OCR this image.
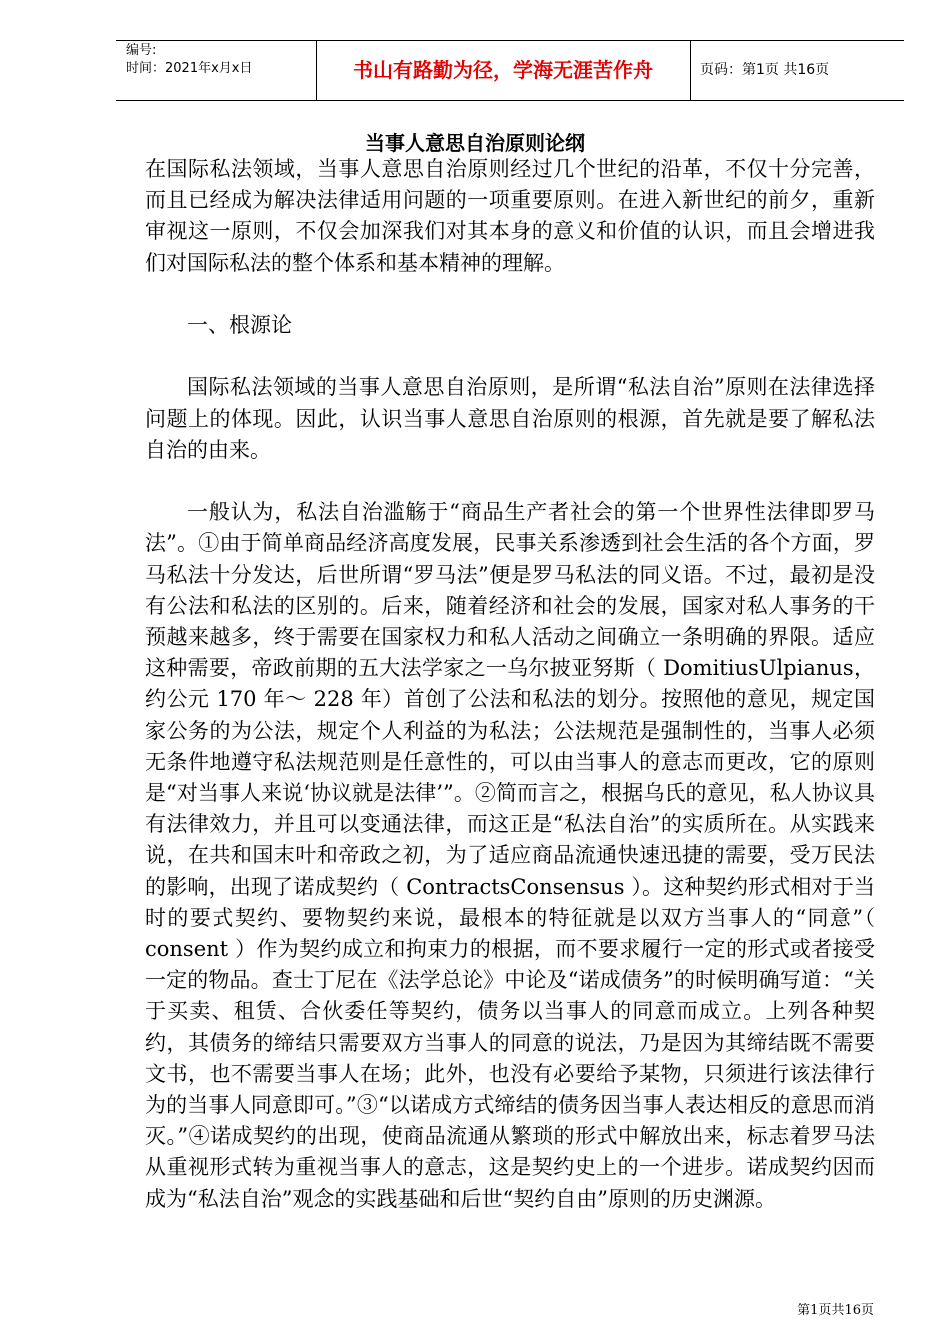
编号:
时间：2021年x月x日	书山有路勤为径，学海无涯苦作舟	页码：第1页 共16页
当事人意思自治原则论纲

在国际私法领域，当事人意思自治原则经过几个世纪的沿革，不仅十分完善，而且已经成为解决法律适用问题的一项重要原则。在进入新世纪的前夕，重新审视这一原则，不仅会加深我们对其本身的意义和价值的认识，而且会增进我们对国际私法的整个体系和基本精神的理解。

一、根源论

国际私法领域的当事人意思自治原则，是所谓“私法自治”原则在法律选择问题上的体现。因此，认识当事人意思自治原则的根源，首先就是要了解私法自治的由来。

一般认为，私法自治滥觞于“商品生产者社会的第一个世界性法律即罗马法”。①由于简单商品经济高度发展，民事关系渗透到社会生活的各个方面，罗马私法十分发达，后世所谓“罗马法”便是罗马私法的同义语。不过，最初是没有公法和私法的区别的。后来，随着经济和社会的发展，国家对私人事务的干预越来越多，终于需要在国家权力和私人活动之间确立一条明确的界限。适应这种需要，帝政前期的五大法学家之一乌尔披亚努斯（ DomitiusUlpianus， 约公元 170 年～ 228 年）首创了公法和私法的划分。按照他的意见，规定国家公务的为公法，规定个人利益的为私法；公法规范是强制性的，当事人必须无条件地遵守私法规范则是任意性的，可以由当事人的意志而更改，它的原则是“对当事人来说‘协议就是法律’”。②简而言之，根据乌氏的意见，私人协议具有法律效力，并且可以变通法律，而这正是“私法自治”的实质所在。从实践来说，在共和国末叶和帝政之初，为了适应商品流通快速迅捷的需要，受万民法的影响，出现了诺成契约（ ContractsConsensus ）。这种契约形式相对于当时的要式契约、要物契约来说，最根本的特征就是以双方当事人的“同意”（ consent ）作为契约成立和拘束力的根据，而不要求履行一定的形式或者接受一定的物品。查士丁尼在《法学总论》中论及“诺成债务”的时候明确写道：“关于买卖、租赁、合伙委任等契约，债务以当事人的同意而成立。上列各种契约，其债务的缔结只需要双方当事人的同意的说法，乃是因为其缔结既不需要文书，也不需要当事人在场；此外，也没有必要给予某物，只须进行该法律行为的当事人同意即可。”③“以诺成方式缔结的债务因当事人表达相反的意思而消灭。”④诺成契约的出现，使商品流通从繁琐的形式中解放出来，标志着罗马法从重视形式转为重视当事人的意志，这是契约史上的一个进步。诺成契约因而成为“私法自治”观念的实践基础和后世“契约自由”原则的历史渊源。

第1页共16页
